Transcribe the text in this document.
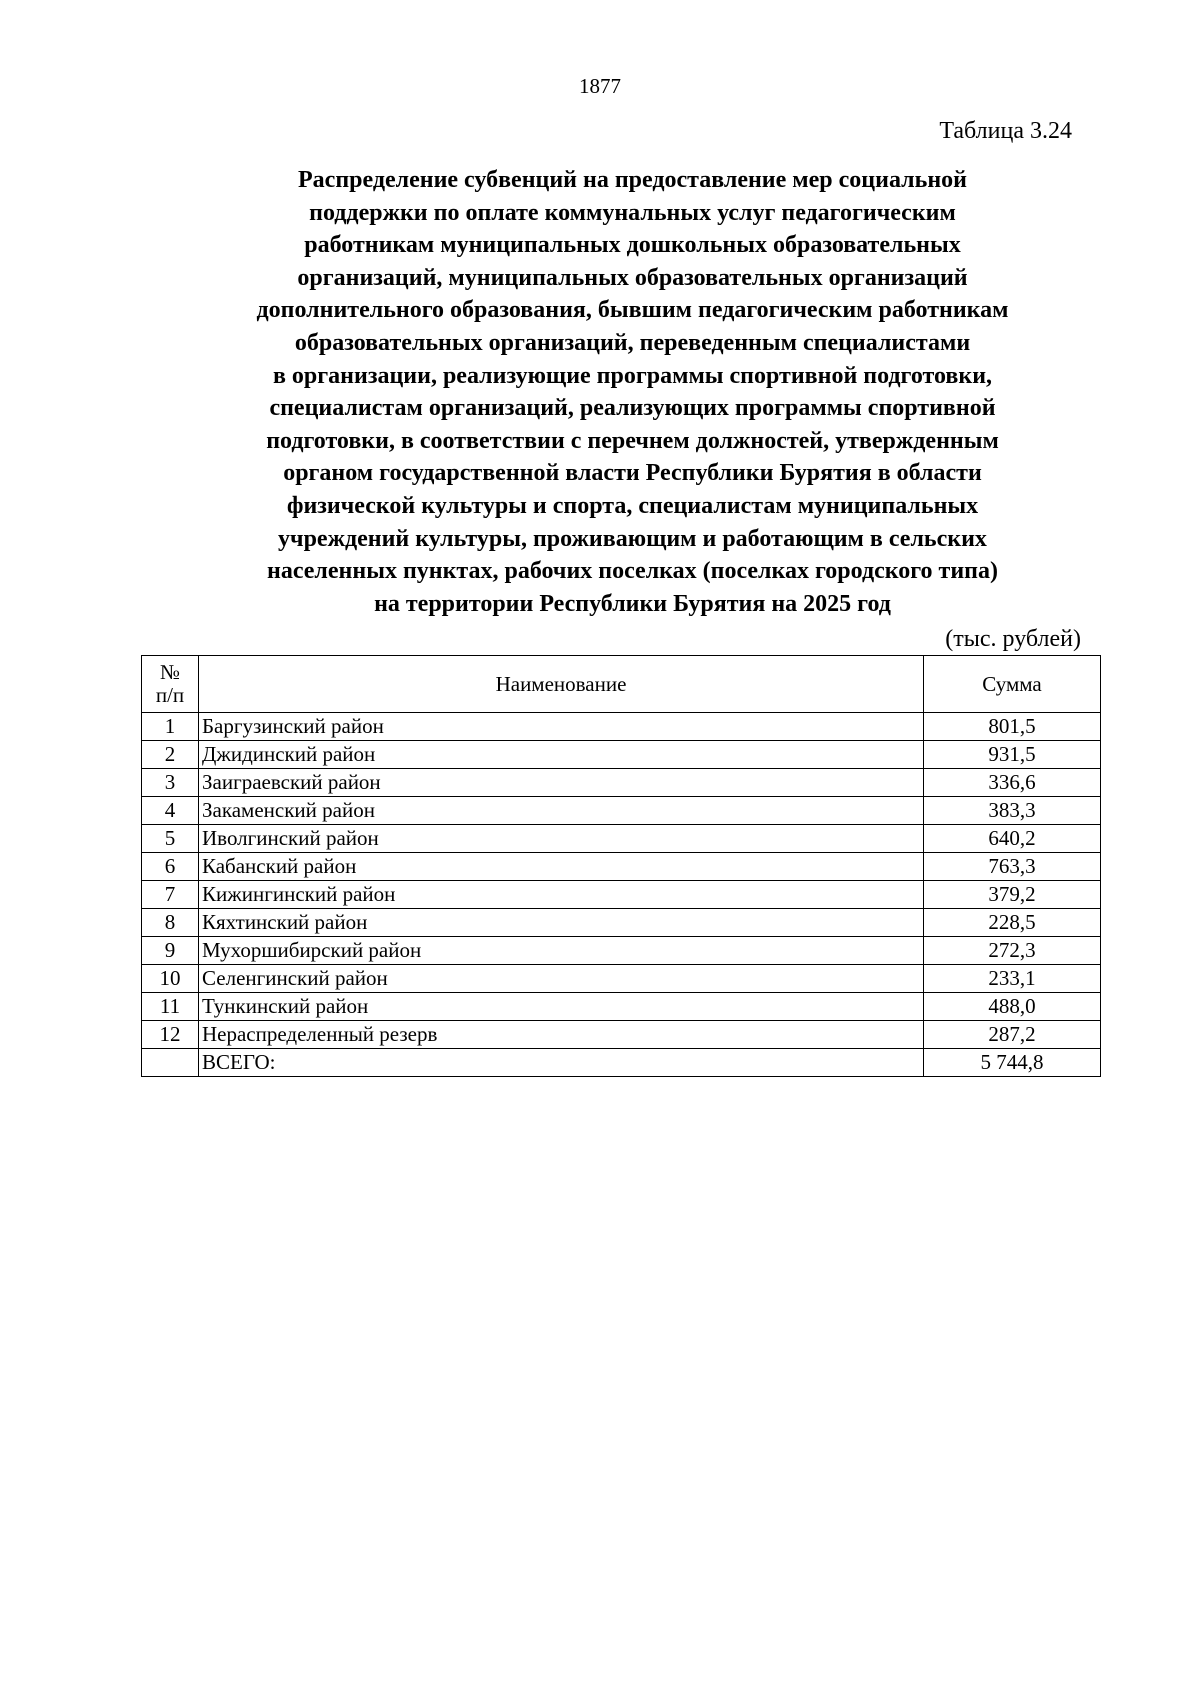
1877
Таблица 3.24
Распределение субвенций на предоставление мер социальной
поддержки по оплате коммунальных услуг педагогическим
работникам муниципальных дошкольных образовательных
организаций, муниципальных образовательных организаций
дополнительного образования, бывшим педагогическим работникам
образовательных организаций, переведенным специалистами
в организации, реализующие программы спортивной подготовки,
специалистам организаций, реализующих программы спортивной
подготовки, в соответствии с перечнем должностей, утвержденным
органом государственной власти Республики Бурятия в области
физической культуры и спорта, специалистам муниципальных
учреждений культуры, проживающим и работающим в сельских
населенных пунктах, рабочих поселках (поселках городского типа)
на территории Республики Бурятия на 2025 год
(тыс. рублей)
№
п/п	Наименование	Сумма
1	Баргузинский район	801,5
2	Джидинский район	931,5
3	Заиграевский район	336,6
4	Закаменский район	383,3
5	Иволгинский район	640,2
6	Кабанский район	763,3
7	Кижингинский район	379,2
8	Кяхтинский район	228,5
9	Мухоршибирский район	272,3
10	Селенгинский район	233,1
11	Тункинский район	488,0
12	Нераспределенный резерв	287,2
	ВСЕГО:	5 744,8
